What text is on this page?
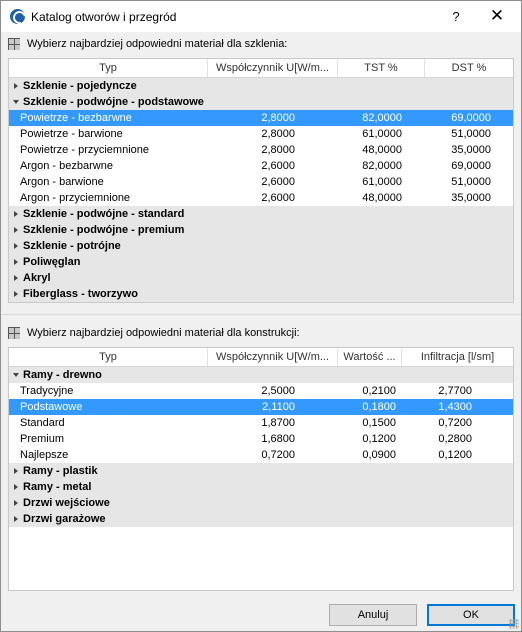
Katalog otworów i przegród	?	✕
Wybierz najbardziej odpowiedni materiał dla szklenia:
Typ	Współczynnik U[W/m...	TST %	DST %
Szklenie - pojedyncze
Szklenie - podwójne - podstawowe
Powietrze - bezbarwne	2,8000	82,0000	69,0000
Powietrze - barwione	2,8000	61,0000	51,0000
Powietrze - przyciemnione	2,8000	48,0000	35,0000
Argon - bezbarwne	2,6000	82,0000	69,0000
Argon - barwione	2,6000	61,0000	51,0000
Argon - przyciemnione	2,6000	48,0000	35,0000
Szklenie - podwójne - standard
Szklenie - podwójne - premium
Szklenie - potrójne
Poliwęglan
Akryl
Fiberglass - tworzywo
Wybierz najbardziej odpowiedni materiał dla konstrukcji:
Typ	Współczynnik U[W/m...	Wartość ...	Infiltracja [l/sm]
Ramy - drewno
Tradycyjne	2,5000	0,2100	2,7700
Podstawowe	2,1100	0,1800	1,4300
Standard	1,8700	0,1500	0,7200
Premium	1,6800	0,1200	0,2800
Najlepsze	0,7200	0,0900	0,1200
Ramy - plastik
Ramy - metal
Drzwi wejściowe
Drzwi garażowe
Anuluj	OK
